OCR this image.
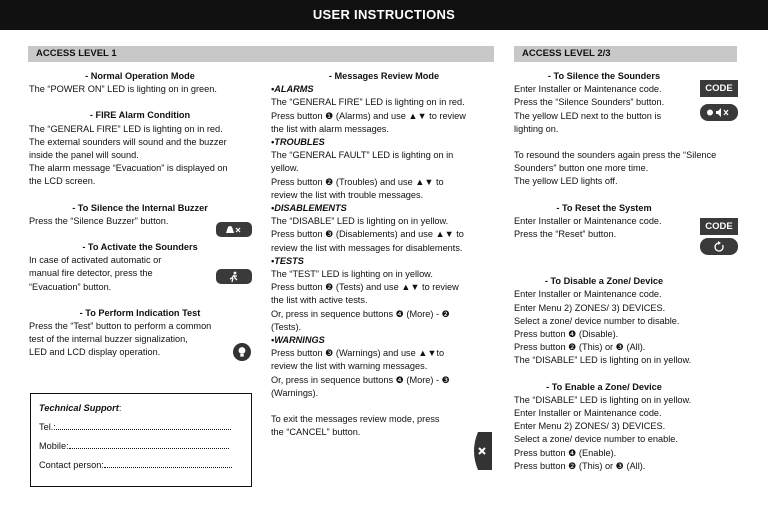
USER INSTRUCTIONS
ACCESS LEVEL 1	ACCESS LEVEL 2/3

- Normal Operation Mode

The “POWER ON” LED is lighting on in green.

- FIRE Alarm Condition

The “GENERAL FIRE” LED is lighting on in red.

The external sounders will sound and the buzzer

inside the panel will sound.

The alarm message “Evacuation” is displayed on

the LCD screen.

- To Silence the Internal Buzzer

Press the “Silence Buzzer” button.

- To Activate the Sounders

In case of activated automatic or

manual fire detector, press the

“Evacuation” button.

- To Perform Indication Test

Press the “Test” button to perform a common

test of the internal buzzer signalization,

LED and LCD display operation.

Technical Support:
Tel.:
Mobile:
Contact person:

- Messages Review Mode

•ALARMS

The “GENERAL FIRE” LED is lighting on in red.

Press button ❶ (Alarms) and use ▲▼ to review

the list with alarm messages.

•TROUBLES

The “GENERAL FAULT” LED is lighting on in

yellow.

Press button ❷ (Troubles) and use ▲▼ to

review the list with trouble messages.

•DISABLEMENTS

The “DISABLE” LED is lighting on in yellow.

Press button ❸ (Disablements) and use ▲▼ to

review the list with messages for disablements.

•TESTS

The “TEST” LED is lighting on in yellow.

Press button ❷ (Tests) and use ▲▼ to review

the list with active tests.

Or, press in sequence buttons ❹ (More) - ❷

(Tests).

•WARNINGS

Press button ❸ (Warnings) and use ▲▼to

review the list with warning messages.

Or, press in sequence buttons ❹ (More) - ❸

(Warnings).

To exit the messages review mode, press

the “CANCEL” button.

- To Silence the Sounders

Enter Installer or Maintenance code.

Press the “Silence Sounders” button.

The yellow LED next to the button is

lighting on.

To resound the sounders again press the “Silence

Sounders” button one more time.

The yellow LED lights off.

- To Reset the System

Enter Installer or Maintenance code.

Press the “Reset” button.

- To Disable a Zone/ Device

Enter Installer or Maintenance code.

Enter Menu 2) ZONES/ 3) DEVICES.

Select a zone/ device number to disable.

Press button ❹ (Disable).

Press button ❷ (This) or ❸ (All).

The “DISABLE” LED is lighting on in yellow.

- To Enable a Zone/ Device

The “DISABLE” LED is lighting on in yellow.

Enter Installer or Maintenance code.

Enter Menu 2) ZONES/ 3) DEVICES.

Select a zone/ device number to enable.

Press button ❹ (Enable).

Press button ❷ (This) or ❸ (All).

CODE
CODE
